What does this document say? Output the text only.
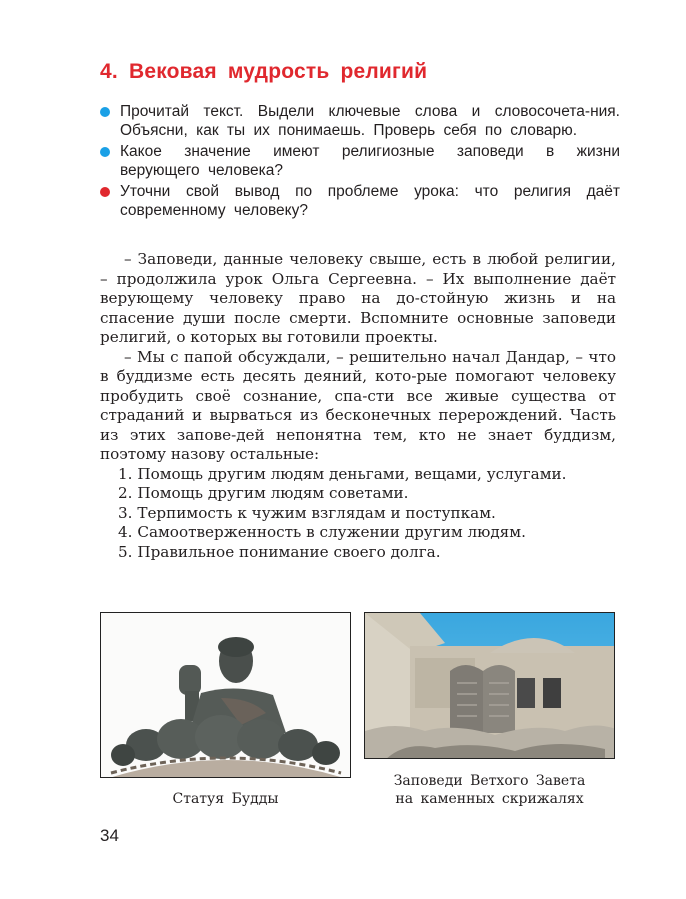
4. Вековая мудрость религий
Прочитай текст. Выдели ключевые слова и словосочета-ния. Объясни, как ты их понимаешь. Проверь себя по словарю.
Какое значение имеют религиозные заповеди в жизни верующего человека?
Уточни свой вывод по проблеме урока: что религия даёт современному человеку?

– Заповеди, данные человеку свыше, есть в любой религии, – продолжила урок Ольга Сергеевна. – Их выполнение даёт верующему человеку право на до-стойную жизнь и на спасение души после смерти. Вспомните основные заповеди религий, о которых вы готовили проекты.

– Мы с папой обсуждали, – решительно начал Дандар, – что в буддизме есть десять деяний, кото-рые помогают человеку пробудить своё сознание, спа-сти все живые существа от страданий и вырваться из бесконечных перерождений. Часть из этих запове-дей непонятна тем, кто не знает буддизм, поэтому назову остальные:

1. Помощь другим людям деньгами, вещами, услугами.
2. Помощь другим людям советами.
3. Терпимость к чужим взглядам и поступкам.
4. Самоотверженность в служении другим людям.
5. Правильное понимание своего долга.
Статуя Будды
Заповеди Ветхого Завета
на каменных скрижалях
34
